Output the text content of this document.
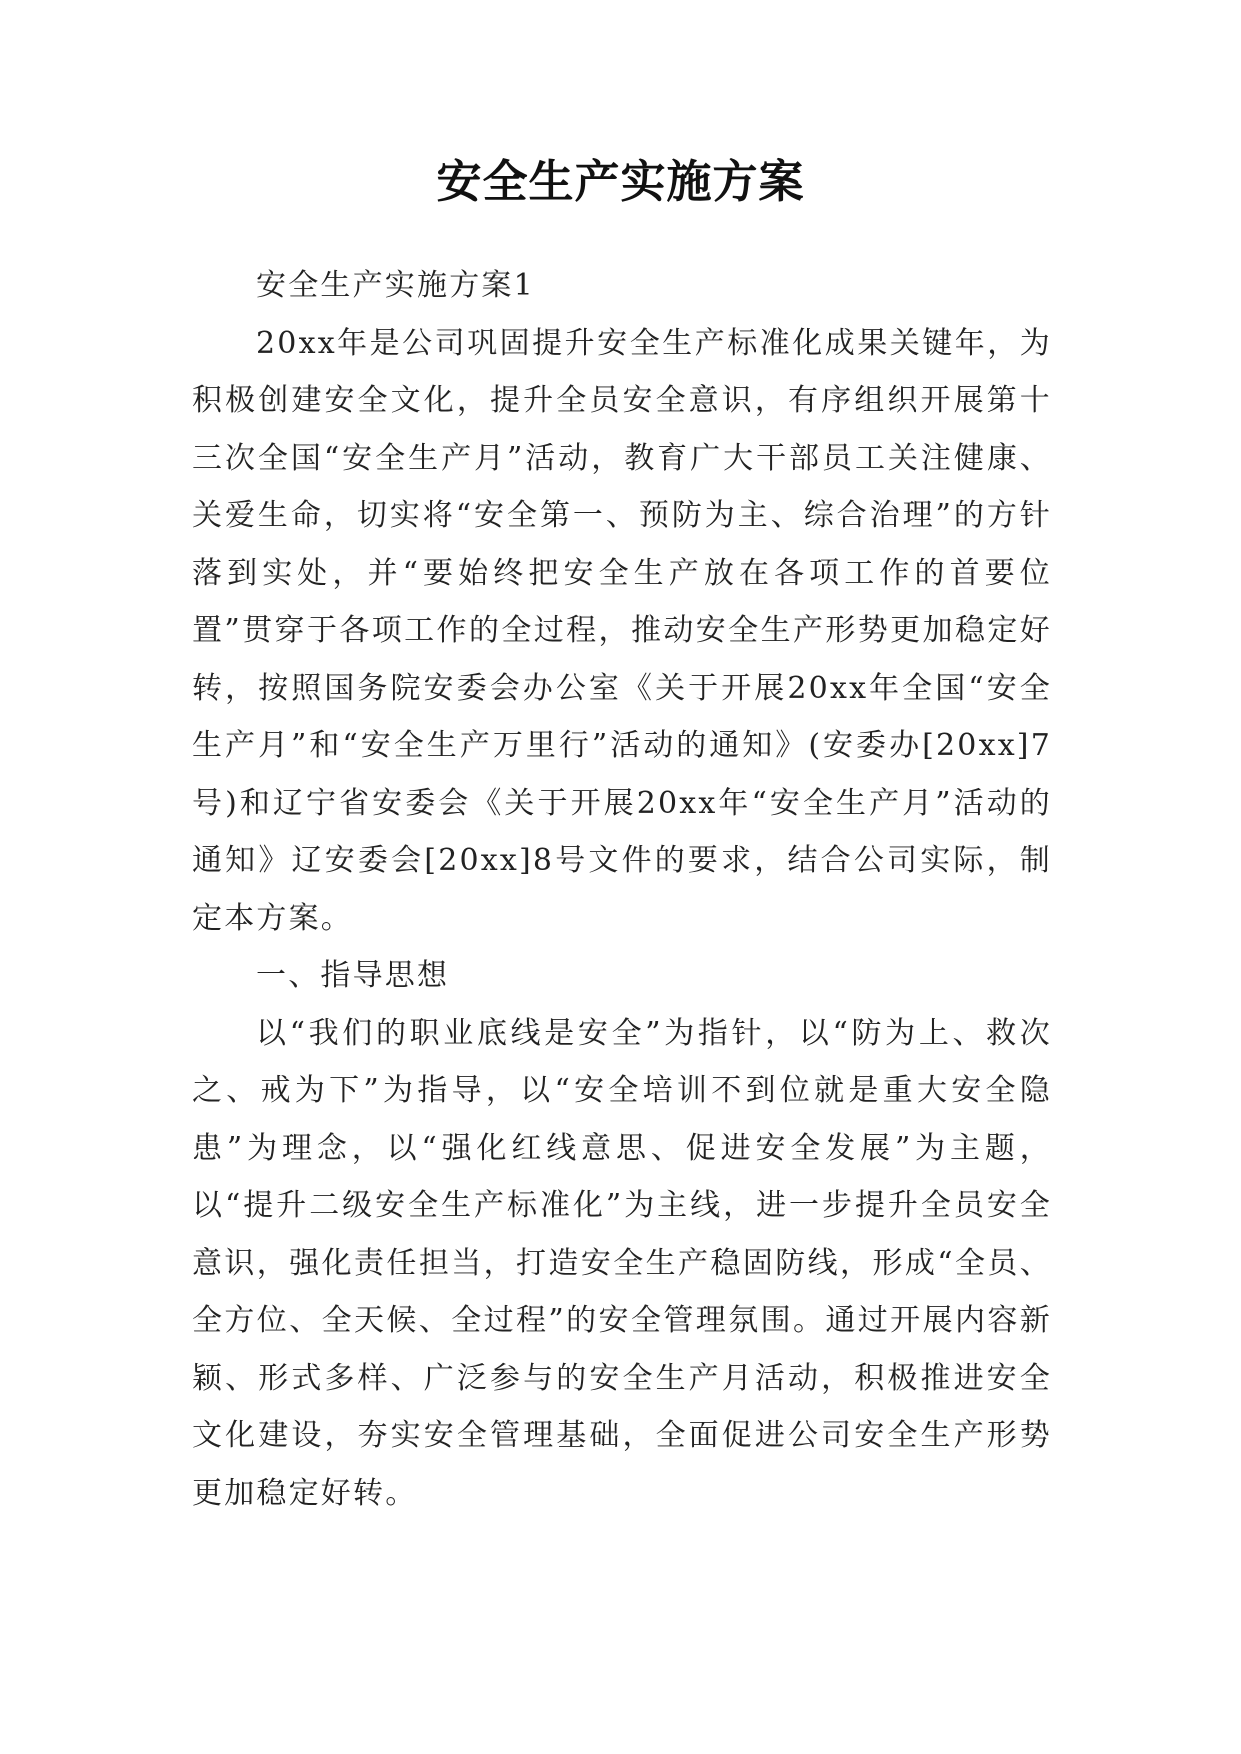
安全生产实施方案

安全生产实施方案1

20xx年是公司巩固提升安全生产标准化成果关键年，为积极创建安全文化，提升全员安全意识，有序组织开展第十三次全国“安全生产月”活动，教育广大干部员工关注健康、关爱生命，切实将“安全第一、预防为主、综合治理”的方针落到实处，并“要始终把安全生产放在各项工作的首要位置”贯穿于各项工作的全过程，推动安全生产形势更加稳定好转，按照国务院安委会办公室《关于开展20xx年全国“安全生产月”和“安全生产万里行”活动的通知》(安委办[20xx]7号)和辽宁省安委会《关于开展20xx年“安全生产月”活动的通知》辽安委会[20xx]8号文件的要求，结合公司实际，制定本方案。

一、指导思想

以“我们的职业底线是安全”为指针，以“防为上、救次之、戒为下”为指导，以“安全培训不到位就是重大安全隐患”为理念，以“强化红线意思、促进安全发展”为主题，以“提升二级安全生产标准化”为主线，进一步提升全员安全意识，强化责任担当，打造安全生产稳固防线，形成“全员、全方位、全天候、全过程”的安全管理氛围。通过开展内容新颖、形式多样、广泛参与的安全生产月活动，积极推进安全文化建设，夯实安全管理基础，全面促进公司安全生产形势更加稳定好转。
